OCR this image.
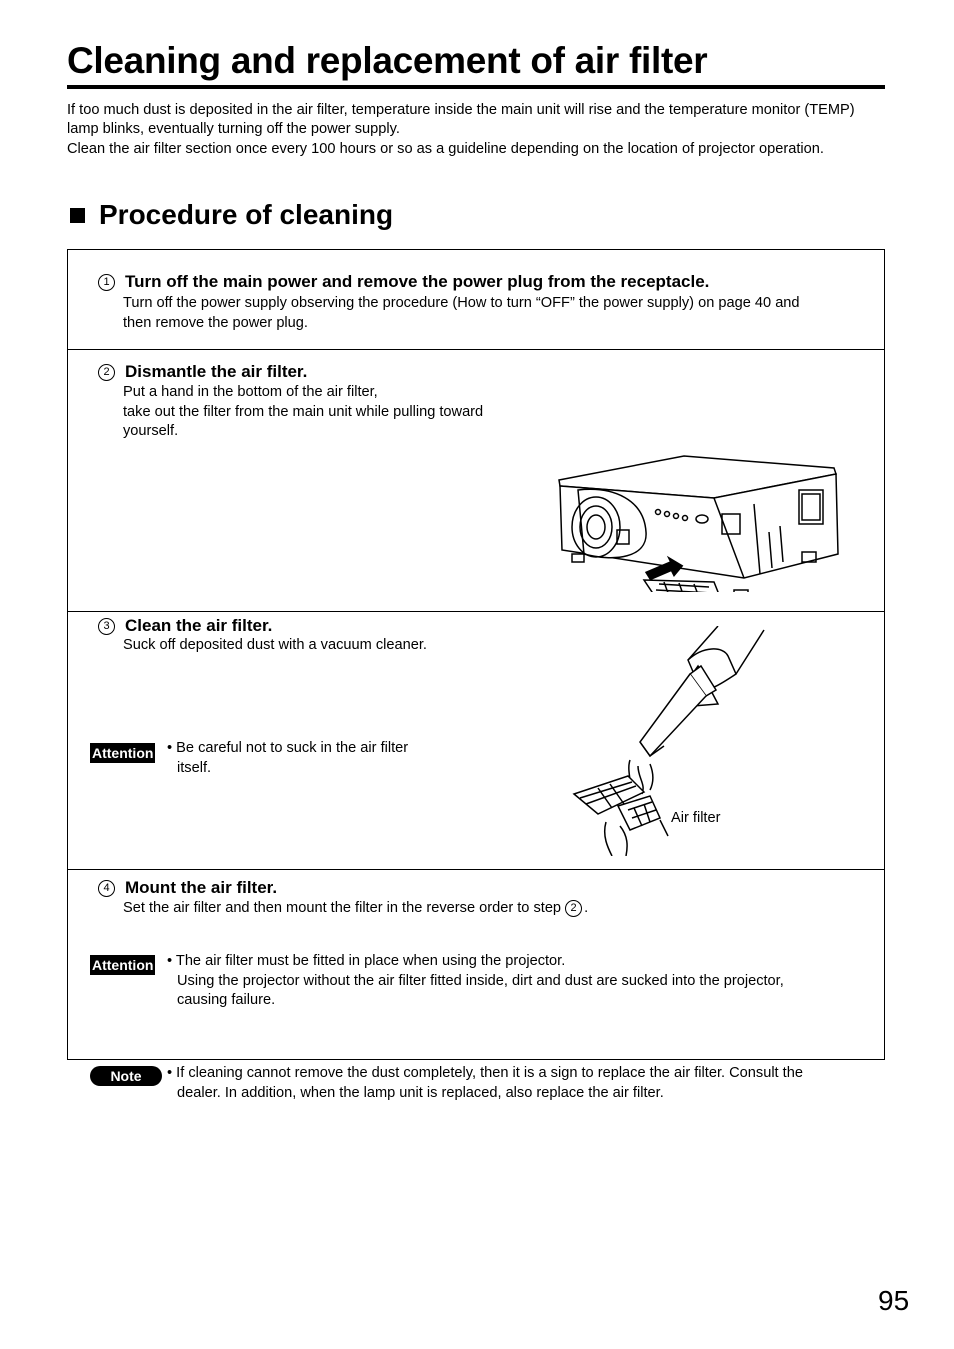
Cleaning and replacement of air filter

If too much dust is deposited in the air filter, temperature inside the main unit will rise and the temperature monitor (TEMP) lamp blinks, eventually turning off the power supply.

Clean the air filter section once every 100 hours or so as a guideline depending on the location of projector operation.

Procedure of cleaning
1 Turn off the main power and remove the power plug from the receptacle.
Turn off the power supply observing the procedure (How to turn “OFF” the power supply) on page 40 and
then remove the power plug.
2 Dismantle the air filter.
Put a hand in the bottom of the air filter,
take out the filter from the main unit while pulling toward
yourself.
3 Clean the air filter.
Suck off deposited dust with a vacuum cleaner.
Attention • Be careful not to suck in the air filter
itself.
Air filter
4 Mount the air filter.
Set the air filter and then mount the filter in the reverse order to step 2 .
Attention • The air filter must be fitted in place when using the projector.
Using the projector without the air filter fitted inside, dirt and dust are sucked into the projector,
causing failure.
Note	• If cleaning cannot remove the dust completely, then it is a sign to replace the air filter. Consult the
dealer. In addition, when the lamp unit is replaced, also replace the air filter.
95
